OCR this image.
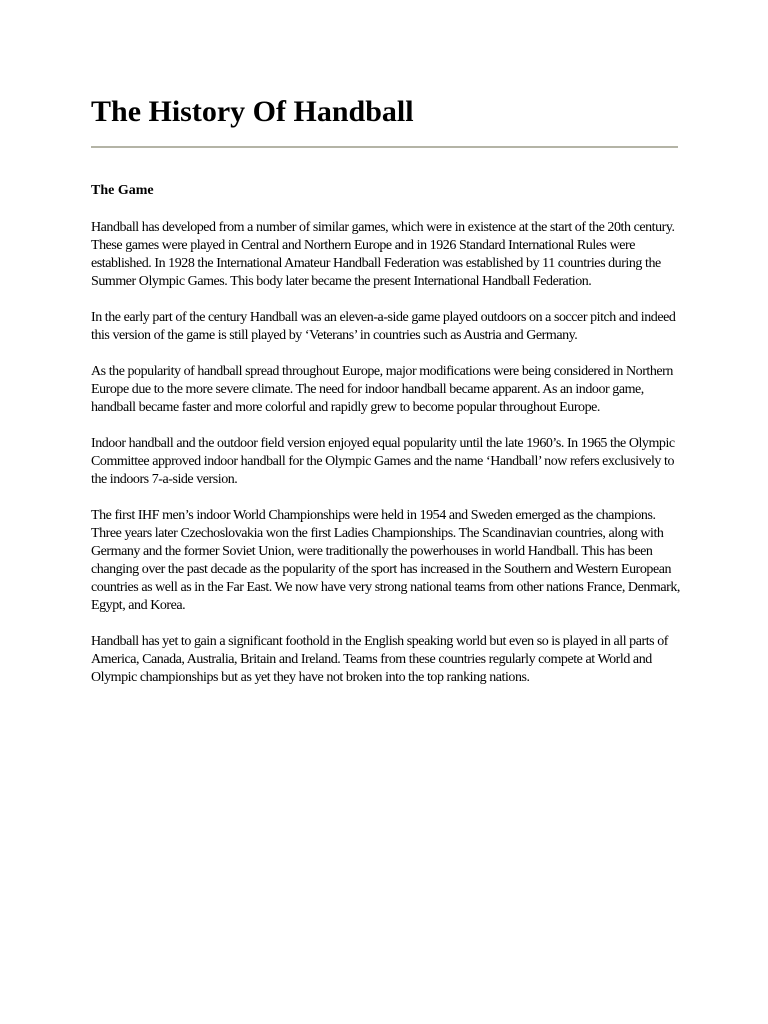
The History Of Handball
The Game

Handball has developed from a number of similar games, which were in existence at the start of the 20th century. These games were played in Central and Northern Europe and in 1926 Standard International Rules were established. In 1928 the International Amateur Handball Federation was established by 11 countries during the Summer Olympic Games. This body later became the present International Handball Federation.

In the early part of the century Handball was an eleven-a-side game played outdoors on a soccer pitch and indeed this version of the game is still played by ‘Veterans’ in countries such as Austria and Germany.

As the popularity of handball spread throughout Europe, major modifications were being considered in Northern Europe due to the more severe climate. The need for indoor handball became apparent. As an indoor game, handball became faster and more colorful and rapidly grew to become popular throughout Europe.

Indoor handball and the outdoor field version enjoyed equal popularity until the late 1960’s. In 1965 the Olympic Committee approved indoor handball for the Olympic Games and the name ‘Handball’ now refers exclusively to the indoors 7-a-side version.

The first IHF men’s indoor World Championships were held in 1954 and Sweden emerged as the champions. Three years later Czechoslovakia won the first Ladies Championships. The Scandinavian countries, along with Germany and the former Soviet Union, were traditionally the powerhouses in world Handball. This has been changing over the past decade as the popularity of the sport has increased in the Southern and Western European countries as well as in the Far East. We now have very strong national teams from other nations France, Denmark, Egypt, and Korea.

Handball has yet to gain a significant foothold in the English speaking world but even so is played in all parts of America, Canada, Australia, Britain and Ireland. Teams from these countries regularly compete at World and Olympic championships but as yet they have not broken into the top ranking nations.
